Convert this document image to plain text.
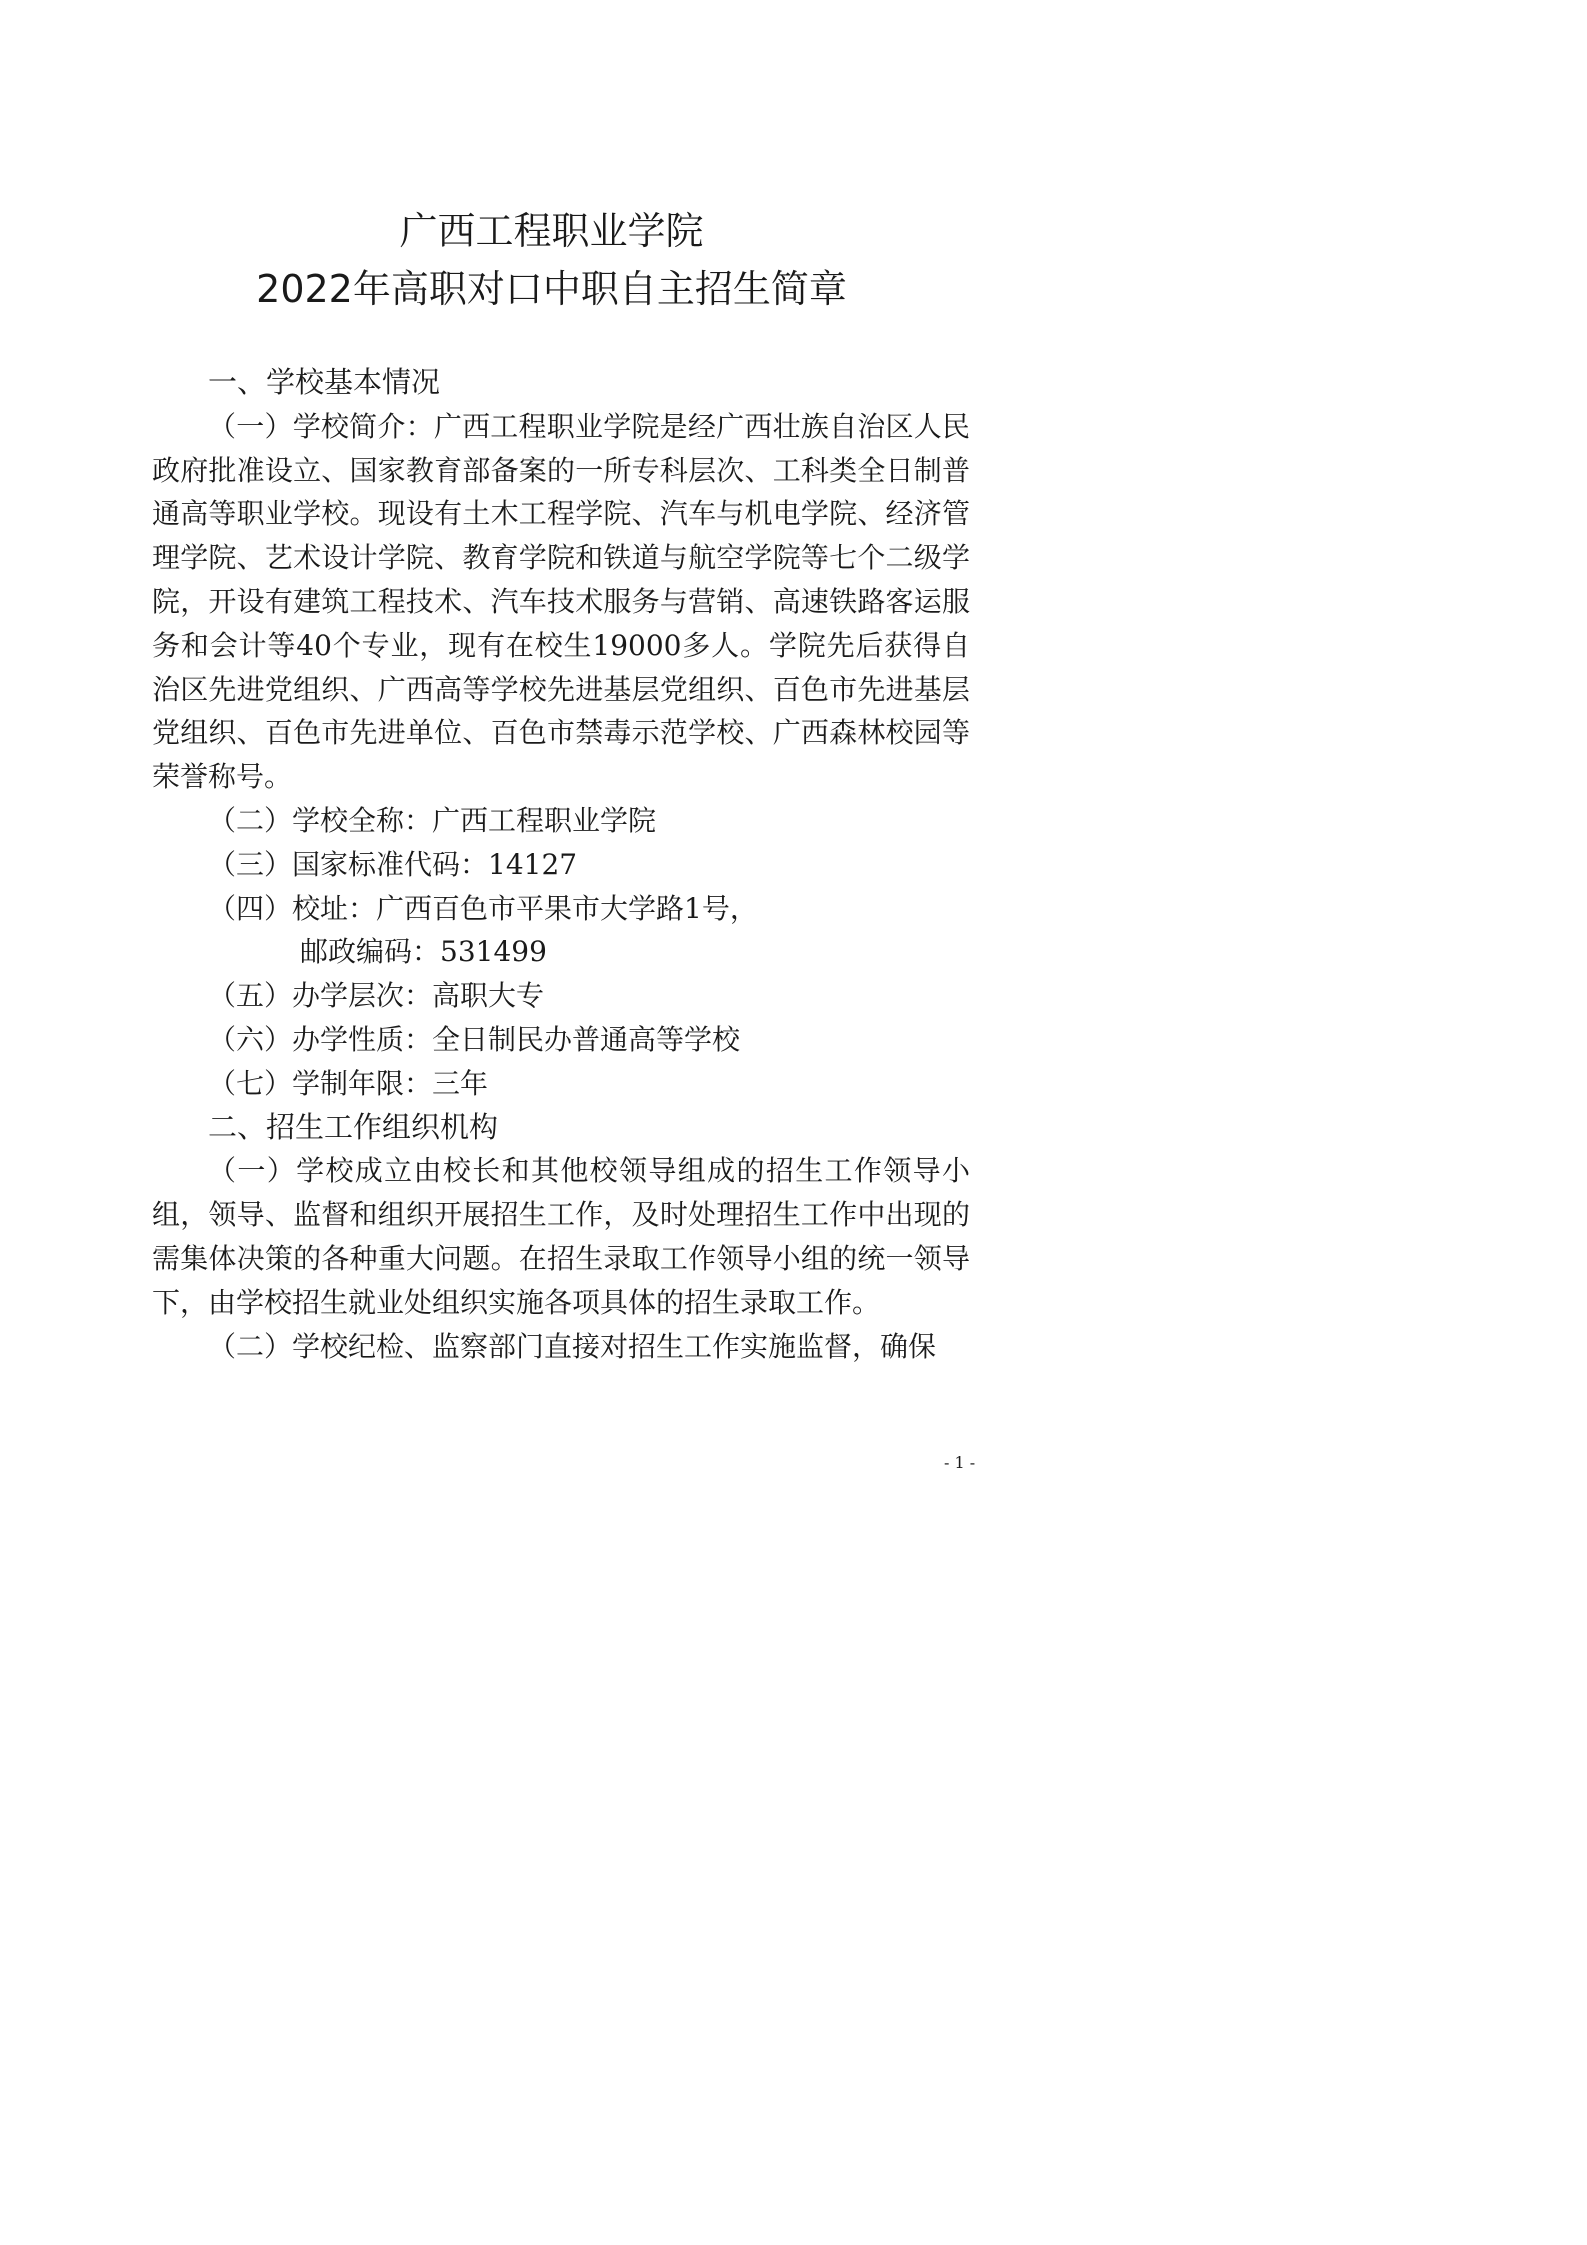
广西工程职业学院
2022年高职对口中职自主招生简章

一、学校基本情况

（一）学校简介：广西工程职业学院是经广西壮族自治区人民政府批准设立、国家教育部备案的一所专科层次、工科类全日制普通高等职业学校。现设有土木工程学院、汽车与机电学院、经济管理学院、艺术设计学院、教育学院和铁道与航空学院等七个二级学院，开设有建筑工程技术、汽车技术服务与营销、高速铁路客运服务和会计等40个专业，现有在校生19000多人。学院先后获得自治区先进党组织、广西高等学校先进基层党组织、百色市先进基层党组织、百色市先进单位、百色市禁毒示范学校、广西森林校园等荣誉称号。

（二）学校全称：广西工程职业学院

（三）国家标准代码：14127

（四）校址：广西百色市平果市大学路1号，

邮政编码：531499

（五）办学层次：高职大专

（六）办学性质：全日制民办普通高等学校

（七）学制年限：三年

二、招生工作组织机构

（一）学校成立由校长和其他校领导组成的招生工作领导小组，领导、监督和组织开展招生工作，及时处理招生工作中出现的需集体决策的各种重大问题。在招生录取工作领导小组的统一领导下，由学校招生就业处组织实施各项具体的招生录取工作。

（二）学校纪检、监察部门直接对招生工作实施监督，确保

- 1 -
